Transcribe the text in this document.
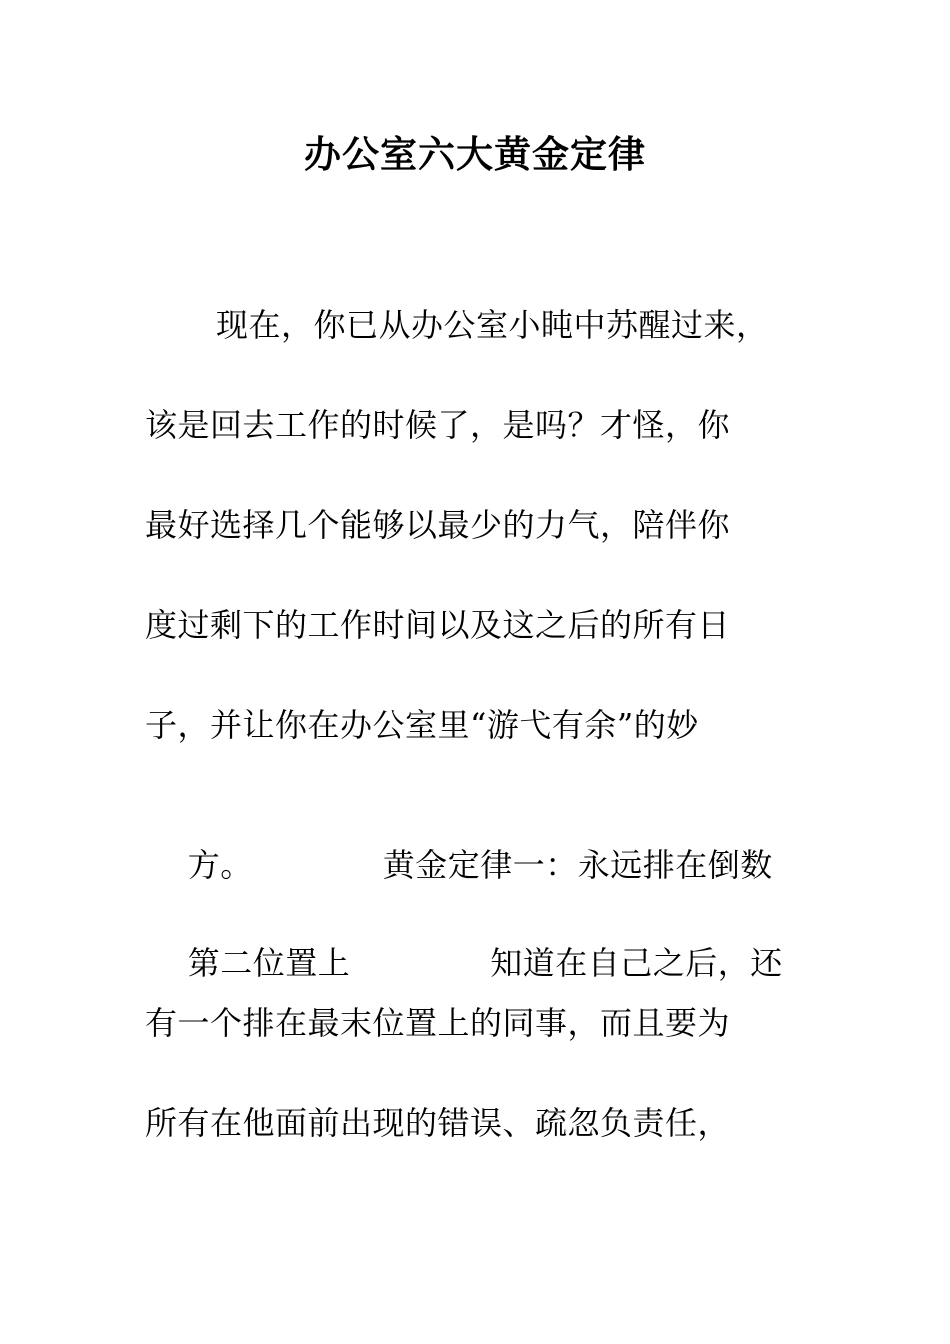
办公室六大黄金定律
现在，你已从办公室小盹中苏醒过来，
该是回去工作的时候了，是吗？才怪，你
最好选择几个能够以最少的力气，陪伴你
度过剩下的工作时间以及这之后的所有日
子，并让你在办公室里“游弋有余”的妙

方。	黄金定律一：永远排在倒数

第二位置上	知道在自己之后，还

有一个排在最末位置上的同事，而且要为
所有在他面前出现的错误、疏忽负责任，
